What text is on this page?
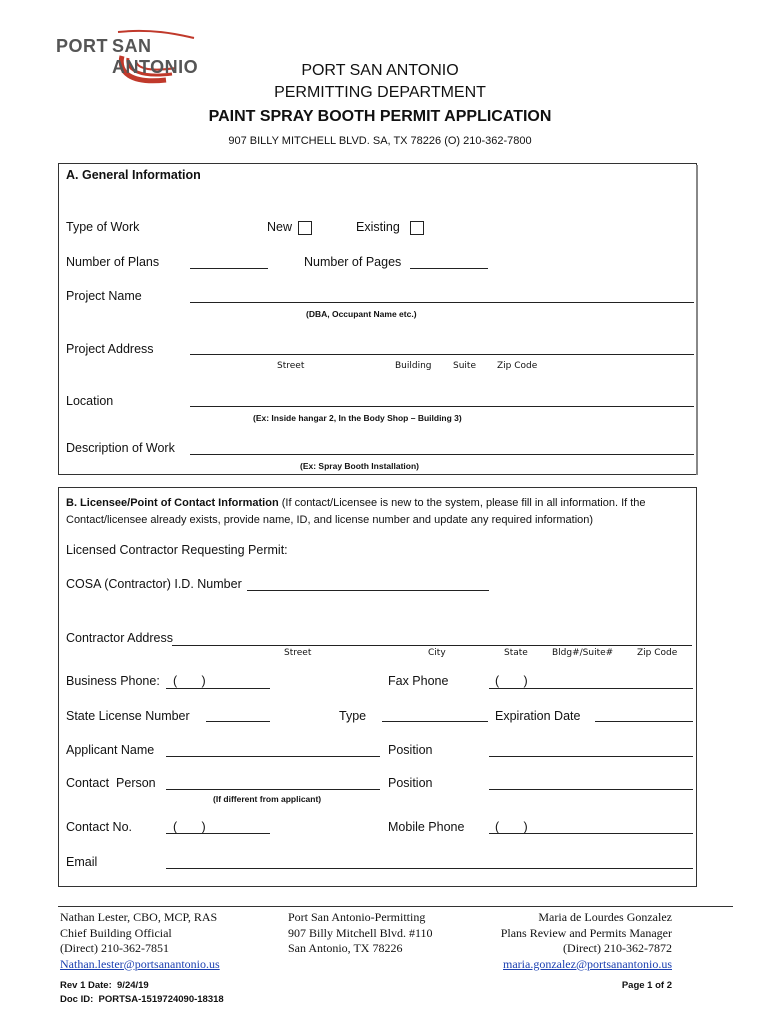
PORT SAN ANTONIO	PORT SAN ANTONIO
PERMITTING DEPARTMENT
PAINT SPRAY BOOTH PERMIT APPLICATION
907 BILLY MITCHELL BLVD. SA, TX 78226 (O) 210-362-7800
A. General Information
Type of Work	New	Existing
Number of Plans	Number of Pages
Project Name
(DBA, Occupant Name etc.)
Project Address
Street	Building Suite Zip Code
Location
(Ex: Inside hangar 2, In the Body Shop – Building 3)
Description of Work
(Ex: Spray Booth Installation)
B. Licensee/Point of Contact Information (If contact/Licensee is new to the system, please fill in all information. If the
Contact/licensee already exists, provide name, ID, and license number and update any required information)
Licensed Contractor Requesting Permit:
COSA (Contractor) I.D. Number
Contractor Address
Street	City	State	Bldg#/Suite#	Zip Code
Business Phone: (       )	Fax Phone	(       )
State License Number	Type	Expiration Date
Applicant Name	Position
Contact  Person	Position
(If different from applicant)
Contact No.	(       )	Mobile Phone (       )
Email
Nathan Lester, CBO, MCP, RAS
Chief Building Official
(Direct) 210-362-7851
Nathan.lester@portsanantonio.us
Port San Antonio-Permitting
907 Billy Mitchell Blvd. #110
San Antonio, TX 78226
Maria de Lourdes Gonzalez
Plans Review and Permits Manager
(Direct) 210-362-7872
maria.gonzalez@portsanantonio.us
Rev 1 Date:  9/24/19
Doc ID:  PORTSA-1519724090-18318
Page 1 of 2
